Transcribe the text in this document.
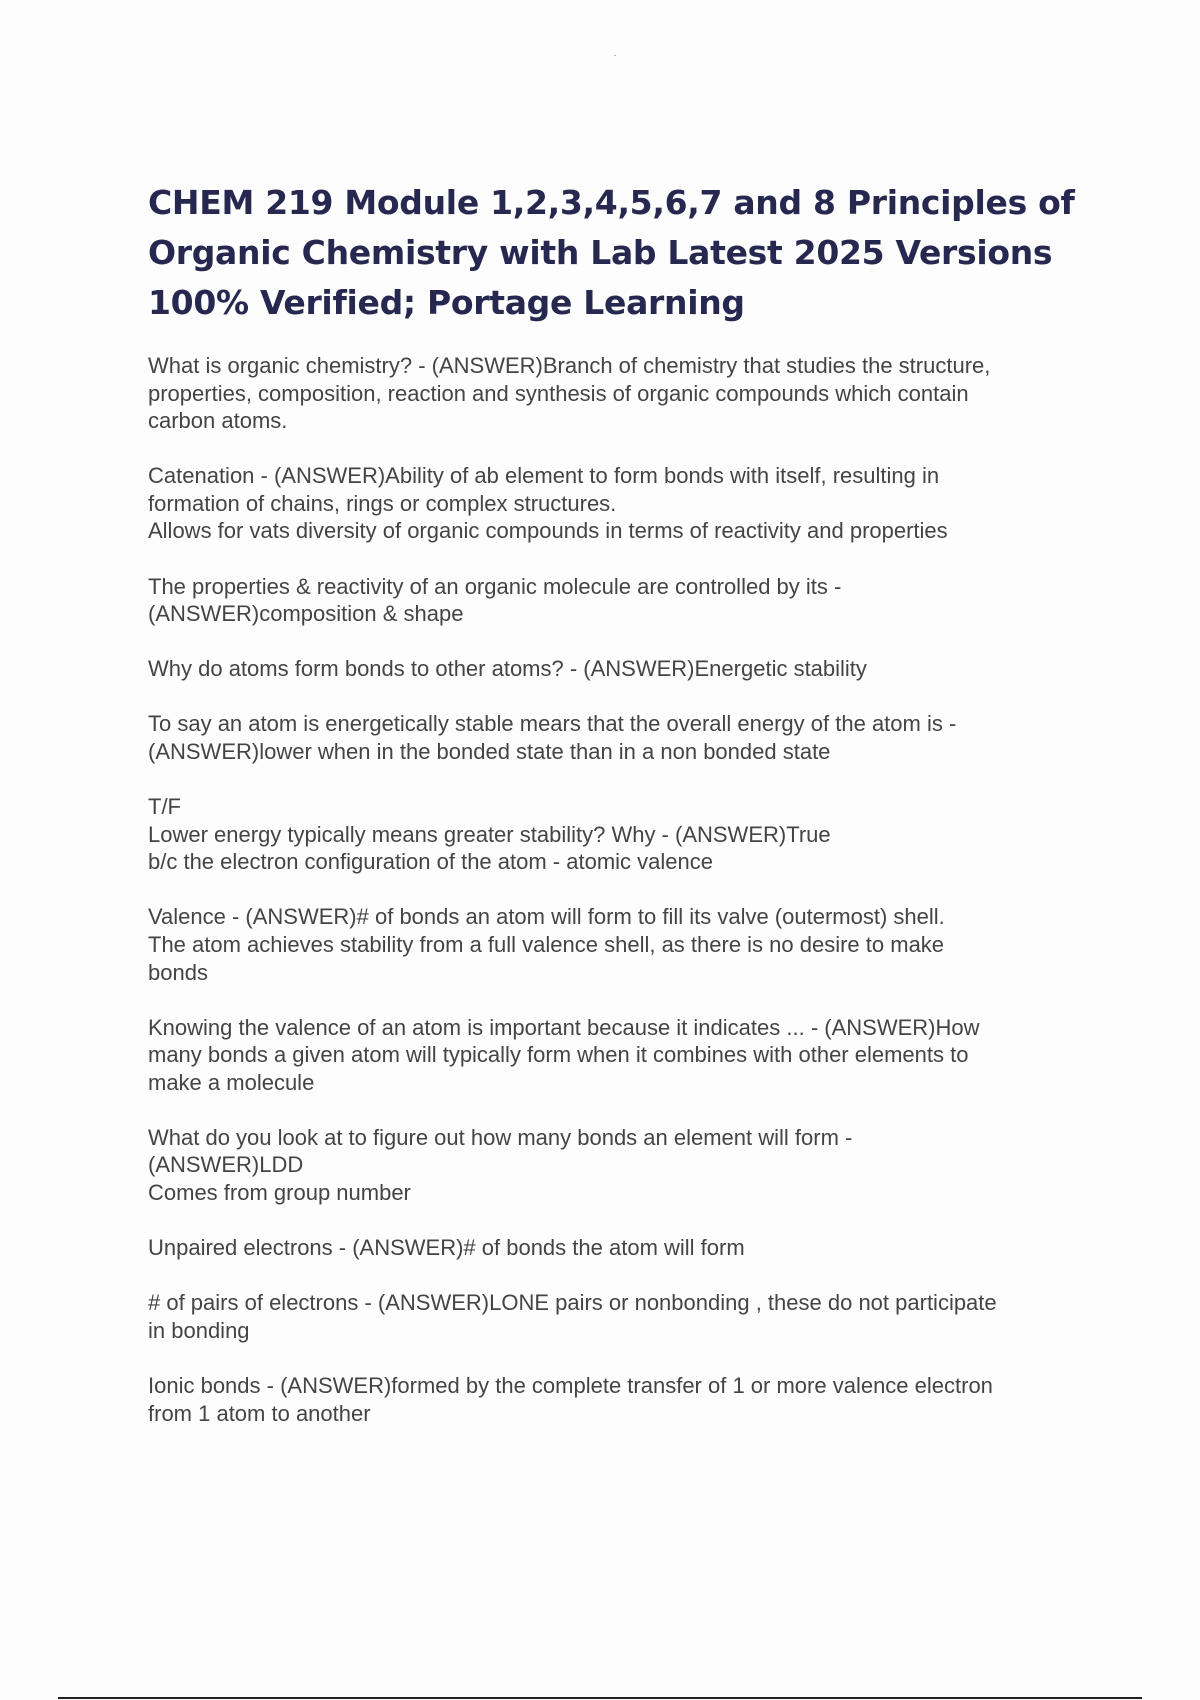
CHEM 219 Module 1,2,3,4,5,6,7 and 8 Principles of
Organic Chemistry with Lab Latest 2025 Versions
100% Verified; Portage Learning
What is organic chemistry? - (ANSWER)Branch of chemistry that studies the structure,
properties, composition, reaction and synthesis of organic compounds which contain
carbon atoms.
Catenation - (ANSWER)Ability of ab element to form bonds with itself, resulting in
formation of chains, rings or complex structures.
Allows for vats diversity of organic compounds in terms of reactivity and properties
The properties & reactivity of an organic molecule are controlled by its -
(ANSWER)composition & shape
Why do atoms form bonds to other atoms? - (ANSWER)Energetic stability
To say an atom is energetically stable mears that the overall energy of the atom is -
(ANSWER)lower when in the bonded state than in a non bonded state
T/F
Lower energy typically means greater stability? Why - (ANSWER)True
b/c the electron configuration of the atom - atomic valence
Valence - (ANSWER)# of bonds an atom will form to fill its valve (outermost) shell.
The atom achieves stability from a full valence shell, as there is no desire to make
bonds
Knowing the valence of an atom is important because it indicates ... - (ANSWER)How
many bonds a given atom will typically form when it combines with other elements to
make a molecule
What do you look at to figure out how many bonds an element will form -
(ANSWER)LDD
Comes from group number
Unpaired electrons - (ANSWER)# of bonds the atom will form
# of pairs of electrons - (ANSWER)LONE pairs or nonbonding , these do not participate
in bonding
Ionic bonds - (ANSWER)formed by the complete transfer of 1 or more valence electron
from 1 atom to another
